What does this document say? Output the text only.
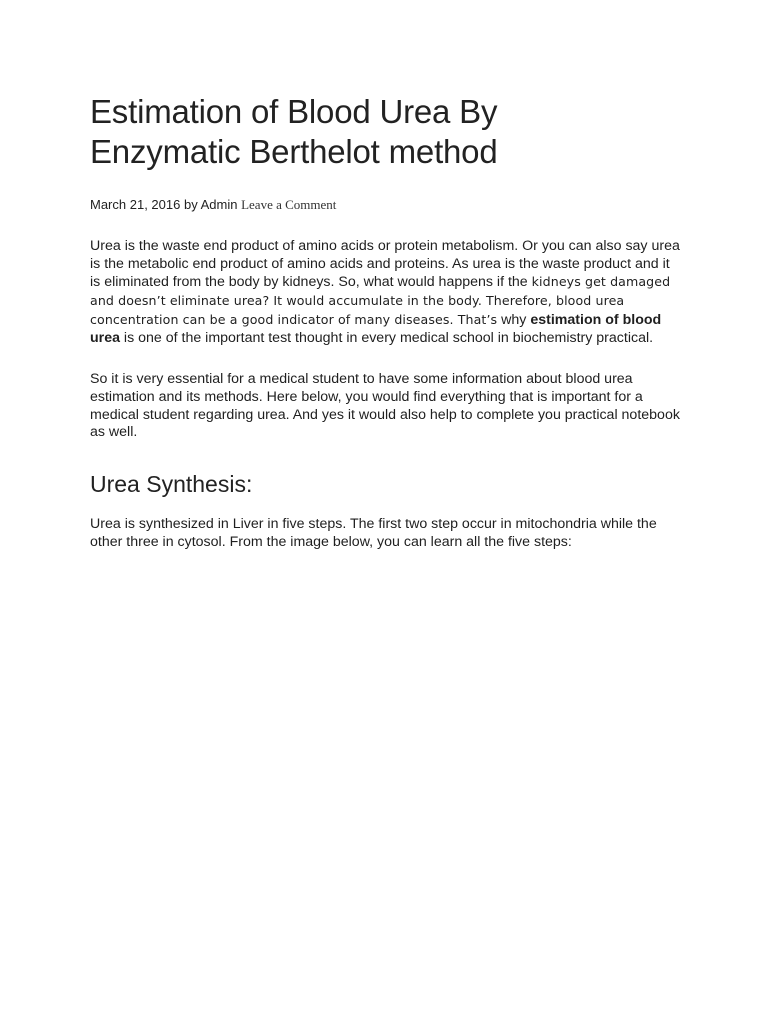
Estimation of Blood Urea By
Enzymatic Berthelot method
March 21, 2016 by Admin Leave a Comment

Urea is the waste end product of amino acids or protein metabolism. Or you can also say urea is the metabolic end product of amino acids and proteins. As urea is the waste product and it is eliminated from the body by kidneys. So, what would happens if the kidneys get damaged and doesn’t eliminate urea? It would accumulate in the body. Therefore, blood urea concentration can be a good indicator of many diseases. That’s why estimation of blood urea is one of the important test thought in every medical school in biochemistry practical.

So it is very essential for a medical student to have some information about blood urea estimation and its methods. Here below, you would find everything that is important for a medical student regarding urea. And yes it would also help to complete you practical notebook as well.

Urea Synthesis:

Urea is synthesized in Liver in five steps. The first two step occur in mitochondria while the other three in cytosol. From the image below, you can learn all the five steps:
